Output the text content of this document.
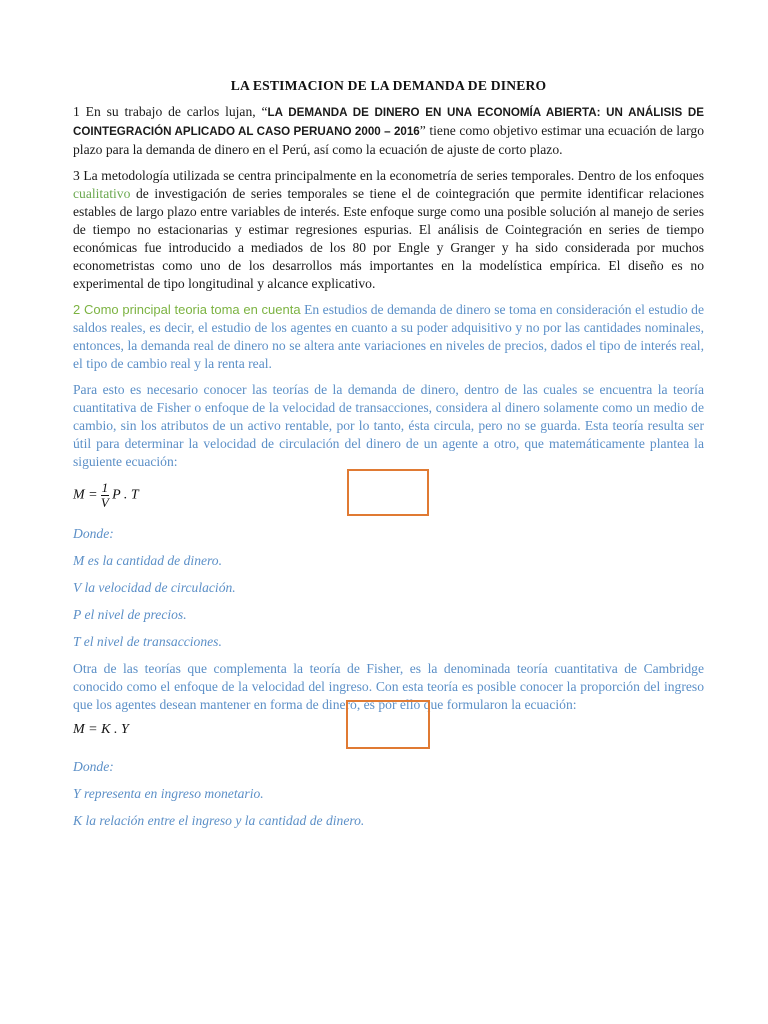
LA ESTIMACION DE LA DEMANDA DE DINERO

1 En su trabajo de carlos lujan, “LA DEMANDA DE DINERO EN UNA ECONOMÍA ABIERTA: UN ANÁLISIS DE COINTEGRACIÓN APLICADO AL CASO PERUANO 2000 – 2016” tiene como objetivo estimar una ecuación de largo plazo para la demanda de dinero en el Perú, así como la ecuación de ajuste de corto plazo.

3 La metodología utilizada se centra principalmente en la econometría de series temporales. Dentro de los enfoques cualitativo de investigación de series temporales se tiene el de cointegración que permite identificar relaciones estables de largo plazo entre variables de interés. Este enfoque surge como una posible solución al manejo de series de tiempo no estacionarias y estimar regresiones espurias. El análisis de Cointegración en series de tiempo económicas fue introducido a mediados de los 80 por Engle y Granger y ha sido considerada por muchos econometristas como uno de los desarrollos más importantes en la modelística empírica. El diseño es no experimental de tipo longitudinal y alcance explicativo.

2 Como principal teoria toma en cuenta En estudios de demanda de dinero se toma en consideración el estudio de saldos reales, es decir, el estudio de los agentes en cuanto a su poder adquisitivo y no por las cantidades nominales, entonces, la demanda real de dinero no se altera ante variaciones en niveles de precios, dados el tipo de interés real, el tipo de cambio real y la renta real.

Para esto es necesario conocer las teorías de la demanda de dinero, dentro de las cuales se encuentra la teoría cuantitativa de Fisher o enfoque de la velocidad de transacciones, considera al dinero solamente como un medio de cambio, sin los atributos de un activo rentable, por lo tanto, ésta circula, pero no se guarda. Esta teoría resulta ser útil para determinar la velocidad de circulación del dinero de un agente a otro, que matemáticamente plantea la siguiente ecuación:

$M = \frac{1}{V}$ P . T

Donde:

M es la cantidad de dinero.

V la velocidad de circulación.

P el nivel de precios.

T el nivel de transacciones.

Otra de las teorías que complementa la teoría de Fisher, es la denominada teoría cuantitativa de Cambridge conocido como el enfoque de la velocidad del ingreso. Con esta teoría es posible conocer la proporción del ingreso que los agentes desean mantener en forma de dinero, es por ello que formularon la ecuación:

M = K . Y

Donde:

Y representa en ingreso monetario.

K la relación entre el ingreso y la cantidad de dinero.
